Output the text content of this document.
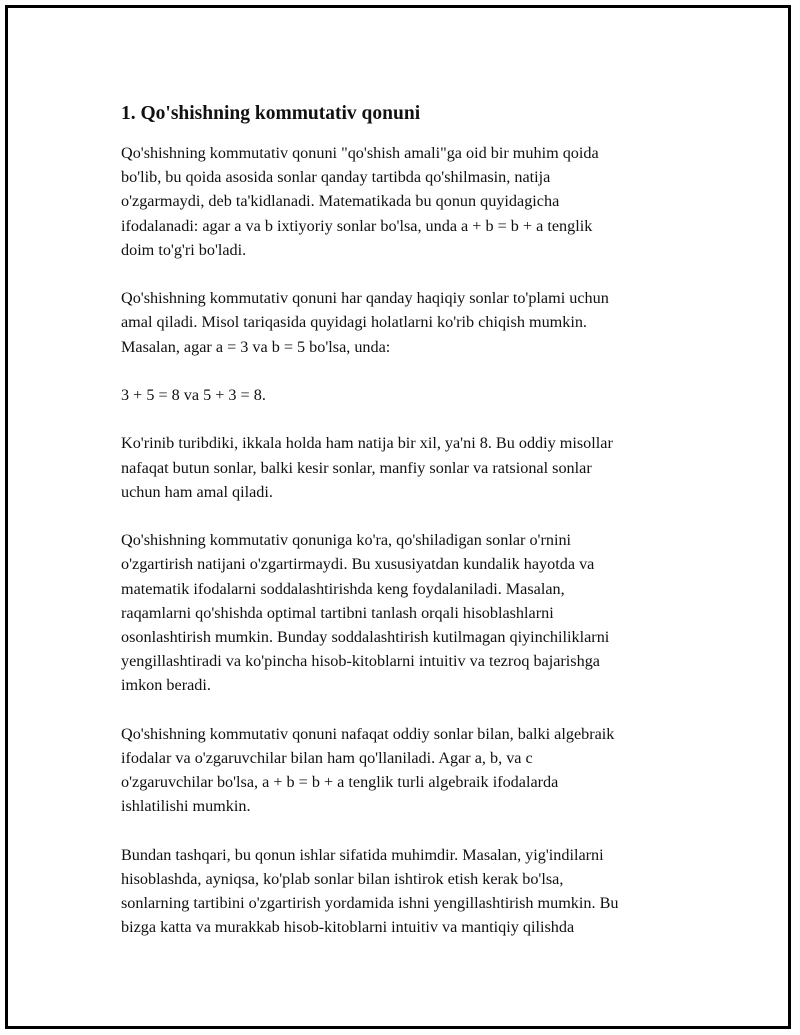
1. Qo'shishning kommutativ qonuni

Qo'shishning kommutativ qonuni "qo'shish amali"ga oid bir muhim qoida
bo'lib, bu qoida asosida sonlar qanday tartibda qo'shilmasin, natija
o'zgarmaydi, deb ta'kidlanadi. Matematikada bu qonun quyidagicha
ifodalanadi: agar a va b ixtiyoriy sonlar bo'lsa, unda a + b = b + a tenglik
doim to'g'ri bo'ladi.

Qo'shishning kommutativ qonuni har qanday haqiqiy sonlar to'plami uchun
amal qiladi. Misol tariqasida quyidagi holatlarni ko'rib chiqish mumkin.
Masalan, agar a = 3 va b = 5 bo'lsa, unda:

3 + 5 = 8 va 5 + 3 = 8.

Ko'rinib turibdiki, ikkala holda ham natija bir xil, ya'ni 8. Bu oddiy misollar
nafaqat butun sonlar, balki kesir sonlar, manfiy sonlar va ratsional sonlar
uchun ham amal qiladi.

Qo'shishning kommutativ qonuniga ko'ra, qo'shiladigan sonlar o'rnini
o'zgartirish natijani o'zgartirmaydi. Bu xususiyatdan kundalik hayotda va
matematik ifodalarni soddalashtirishda keng foydalaniladi. Masalan,
raqamlarni qo'shishda optimal tartibni tanlash orqali hisoblashlarni
osonlashtirish mumkin. Bunday soddalashtirish kutilmagan qiyinchiliklarni
yengillashtiradi va ko'pincha hisob-kitoblarni intuitiv va tezroq bajarishga
imkon beradi.

Qo'shishning kommutativ qonuni nafaqat oddiy sonlar bilan, balki algebraik
ifodalar va o'zgaruvchilar bilan ham qo'llaniladi. Agar a, b, va c
o'zgaruvchilar bo'lsa, a + b = b + a tenglik turli algebraik ifodalarda
ishlatilishi mumkin.

Bundan tashqari, bu qonun ishlar sifatida muhimdir. Masalan, yig'indilarni
hisoblashda, ayniqsa, ko'plab sonlar bilan ishtirok etish kerak bo'lsa,
sonlarning tartibini o'zgartirish yordamida ishni yengillashtirish mumkin. Bu
bizga katta va murakkab hisob-kitoblarni intuitiv va mantiqiy qilishda
